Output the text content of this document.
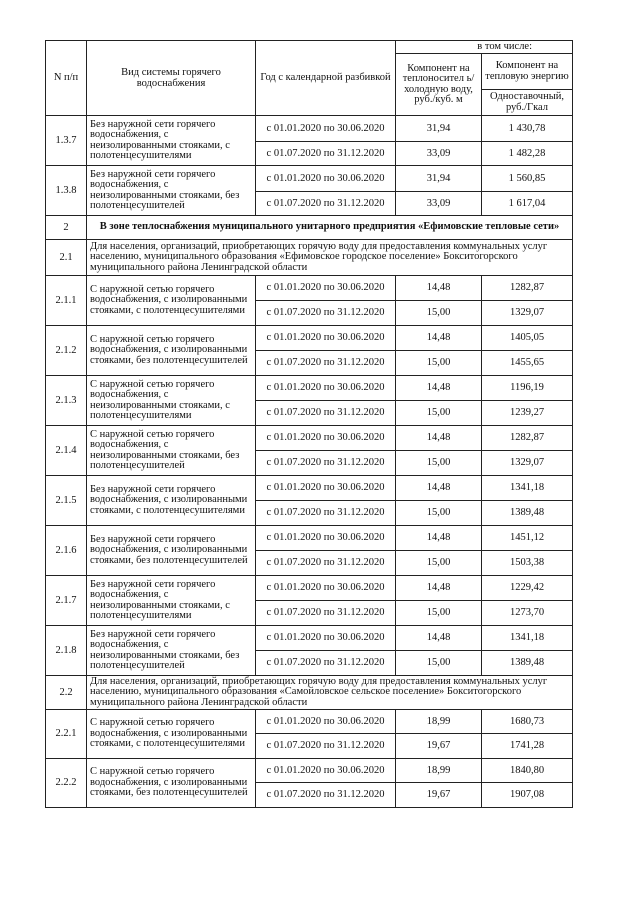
N п/п	Вид системы горячего водоснабжения	Год с календарной разбивкой	в том числе:	
			Компонент на теплоносител ь/холодную воду, руб./куб. м	Компонент на тепловую энергию
				Одноставочный, руб./Гкал
1.3.7	Без наружной сети горячего водоснабжения, с неизолированными стояками, с полотенцесушителями	с 01.01.2020 по 30.06.2020	31,94	1 430,78
		с 01.07.2020 по 31.12.2020	33,09	1 482,28
1.3.8	Без наружной сети горячего водоснабжения, с неизолированными стояками, без полотенцесушителей	с 01.01.2020 по 30.06.2020	31,94	1 560,85
		с 01.07.2020 по 31.12.2020	33,09	1 617,04
2	В зоне теплоснабжения муниципального унитарного предприятия «Ефимовские тепловые сети»			
2.1	Для населения, организаций, приобретающих горячую воду для предоставления коммунальных услуг населению, муниципального образования «Ефимовское городское поселение» Бокситогорского муниципального района Ленинградской области			
2.1.1	С наружной сетью горячего водоснабжения, с изолированными стояками, с полотенцесушителями	с 01.01.2020 по 30.06.2020	14,48	1282,87
		с 01.07.2020 по 31.12.2020	15,00	1329,07
2.1.2	С наружной сетью горячего водоснабжения, с изолированными стояками, без полотенцесушителей	с 01.01.2020 по 30.06.2020	14,48	1405,05
		с 01.07.2020 по 31.12.2020	15,00	1455,65
2.1.3	С наружной сетью горячего водоснабжения, с неизолированными стояками, с полотенцесушителями	с 01.01.2020 по 30.06.2020	14,48	1196,19
		с 01.07.2020 по 31.12.2020	15,00	1239,27
2.1.4	С наружной сетью горячего водоснабжения, с неизолированными стояками, без полотенцесушителей	с 01.01.2020 по 30.06.2020	14,48	1282,87
		с 01.07.2020 по 31.12.2020	15,00	1329,07
2.1.5	Без наружной сети горячего водоснабжения, с изолированными стояками, с полотенцесушителями	с 01.01.2020 по 30.06.2020	14,48	1341,18
		с 01.07.2020 по 31.12.2020	15,00	1389,48
2.1.6	Без наружной сети горячего водоснабжения, с изолированными стояками, без полотенцесушителей	с 01.01.2020 по 30.06.2020	14,48	1451,12
		с 01.07.2020 по 31.12.2020	15,00	1503,38
2.1.7	Без наружной сети горячего водоснабжения, с неизолированными стояками, с полотенцесушителями	с 01.01.2020 по 30.06.2020	14,48	1229,42
		с 01.07.2020 по 31.12.2020	15,00	1273,70
2.1.8	Без наружной сети горячего водоснабжения, с неизолированными стояками, без полотенцесушителей	с 01.01.2020 по 30.06.2020	14,48	1341,18
		с 01.07.2020 по 31.12.2020	15,00	1389,48
2.2	Для населения, организаций, приобретающих горячую воду для предоставления коммунальных услуг населению, муниципального образования «Самойловское сельское поселение» Бокситогорского муниципального района Ленинградской области			
2.2.1	С наружной сетью горячего водоснабжения, с изолированными стояками, с полотенцесушителями	с 01.01.2020 по 30.06.2020	18,99	1680,73
		с 01.07.2020 по 31.12.2020	19,67	1741,28
2.2.2	С наружной сетью горячего водоснабжения, с изолированными стояками, без полотенцесушителей	с 01.01.2020 по 30.06.2020	18,99	1840,80
		с 01.07.2020 по 31.12.2020	19,67	1907,08
